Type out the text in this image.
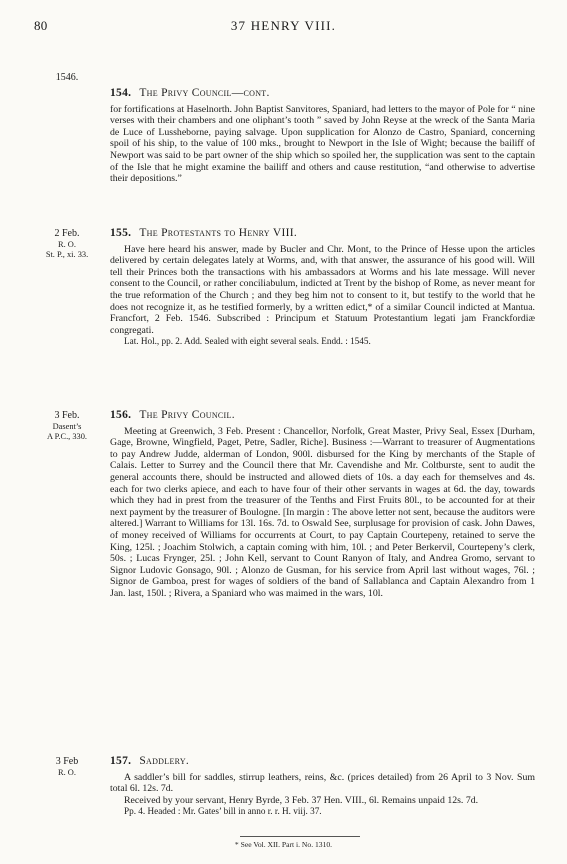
80	37 HENRY VIII.
1546.
154. The Privy Council—cont.

for fortifications at Haselnorth. John Baptist Sanvitores, Spaniard, had letters to the mayor of Pole for “ nine verses with their chambers and one oliphant’s tooth ” saved by John Reyse at the wreck of the Santa Maria de Luce of Lussheborne, paying salvage. Upon supplication for Alonzo de Castro, Spaniard, concerning spoil of his ship, to the value of 100 mks., brought to Newport in the Isle of Wight; because the bailiff of Newport was said to be part owner of the ship which so spoiled her, the supplication was sent to the captain of the Isle that he might examine the bailiff and others and cause restitution, “and otherwise to advertise their depositions.”

2 Feb.
R. O.
St. P., xi. 33.
155. The Protestants to Henry VIII.

Have here heard his answer, made by Bucler and Chr. Mont, to the Prince of Hesse upon the articles delivered by certain delegates lately at Worms, and, with that answer, the assurance of his good will. Will tell their Princes both the transactions with his ambassadors at Worms and his late message. Will never consent to the Council, or rather conciliabulum, indicted at Trent by the bishop of Rome, as never meant for the true reformation of the Church ; and they beg him not to consent to it, but testify to the world that he does not recognize it, as he testified formerly, by a written edict,* of a similar Council indicted at Mantua. Francfort, 2 Feb. 1546. Subscribed : Principum et Statuum Protestantium legati jam Franckfordiæ congregati.

Lat. Hol., pp. 2. Add. Sealed with eight several seals. Endd. : 1545.

3 Feb.
Dasent’s
A P.C., 330.
156. The Privy Council.

Meeting at Greenwich, 3 Feb. Present : Chancellor, Norfolk, Great Master, Privy Seal, Essex [Durham, Gage, Browne, Wingfield, Paget, Petre, Sadler, Riche]. Business :—Warrant to treasurer of Augmentations to pay Andrew Judde, alderman of London, 900l. disbursed for the King by merchants of the Staple of Calais. Letter to Surrey and the Council there that Mr. Cavendishe and Mr. Coltburste, sent to audit the general accounts there, should be instructed and allowed diets of 10s. a day each for themselves and 4s. each for two clerks apiece, and each to have four of their other servants in wages at 6d. the day, towards which they had in prest from the treasurer of the Tenths and First Fruits 80l., to be accounted for at their next payment by the treasurer of Boulogne. [In margin : The above letter not sent, because the auditors were altered.] Warrant to Williams for 13l. 16s. 7d. to Oswald See, surplusage for provision of cask. John Dawes, of money received of Williams for occurrents at Court, to pay Captain Courtepeny, retained to serve the King, 125l. ; Joachim Stolwich, a captain coming with him, 10l. ; and Peter Berkervil, Courtepeny’s clerk, 50s. ; Lucas Frynger, 25l. ; John Kell, servant to Count Ranyon of Italy, and Andrea Gromo, servant to Signor Ludovic Gonsago, 90l. ; Alonzo de Gusman, for his service from April last without wages, 76l. ; Signor de Gamboa, prest for wages of soldiers of the band of Sallablanca and Captain Alexandro from 1 Jan. last, 150l. ; Rivera, a Spaniard who was maimed in the wars, 10l.

3 Feb
R. O.
157. Saddlery.

A saddler’s bill for saddles, stirrup leathers, reins, &c. (prices detailed) from 26 April to 3 Nov. Sum total 6l. 12s. 7d.

Received by your servant, Henry Byrde, 3 Feb. 37 Hen. VIII., 6l. Remains unpaid 12s. 7d.

Pp. 4. Headed : Mr. Gates’ bill in anno r. r. H. viij. 37.

* See Vol. XII. Part i. No. 1310.
